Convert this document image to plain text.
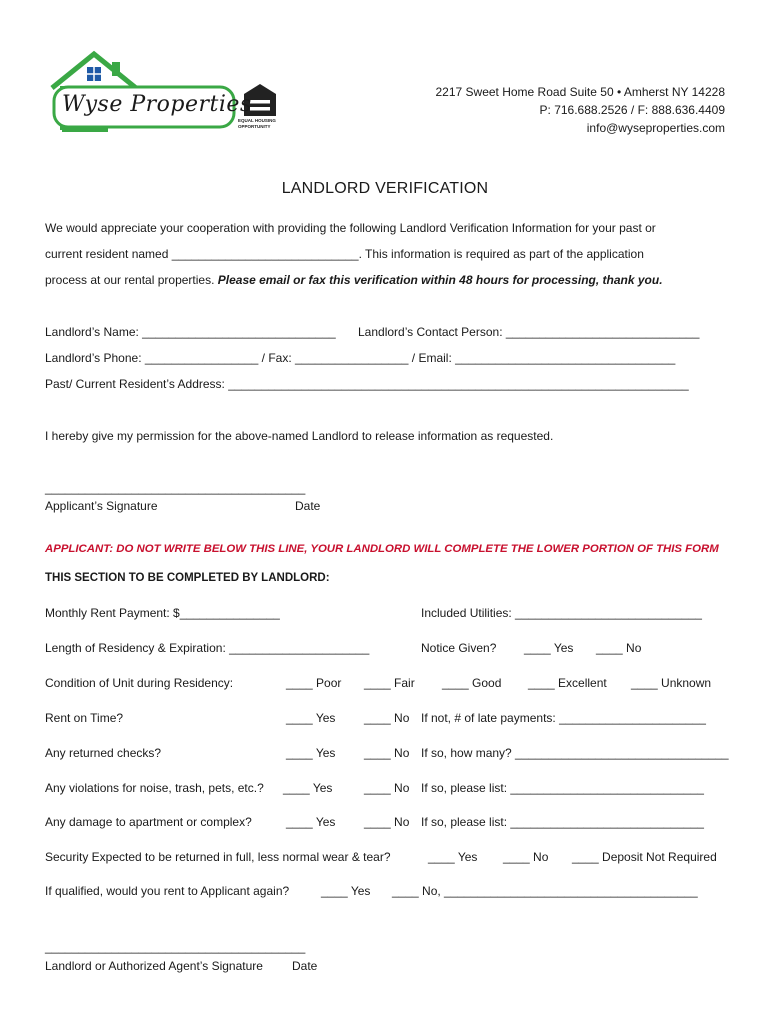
Wyse Properties
EQUAL HOUSING
OPPORTUNITY
2217 Sweet Home Road Suite 50 • Amherst NY 14228
P: 716.688.2526 / F: 888.636.4409
info@wyseproperties.com
LANDLORD VERIFICATION
We would appreciate your cooperation with providing the following Landlord Verification Information for your past or
current resident named ____________________________. This information is required as part of the application
process at our rental properties. Please email or fax this verification within 48 hours for processing, thank you.
Landlord’s Name: _____________________________ Landlord’s Contact Person: _____________________________
Landlord’s Phone: _________________ / Fax: _________________ / Email: _________________________________
Past/ Current Resident’s Address: _____________________________________________________________________
I hereby give my permission for the above-named Landlord to release information as requested.
_______________________________________
Applicant’s Signature	Date
APPLICANT: DO NOT WRITE BELOW THIS LINE, YOUR LANDLORD WILL COMPLETE THE LOWER PORTION OF THIS FORM
THIS SECTION TO BE COMPLETED BY LANDLORD:
Monthly Rent Payment: $_______________	Included Utilities: ____________________________
Length of Residency & Expiration: _____________________	Notice Given? ____ Yes ____ No
Condition of Unit during Residency:	____ Poor ____ Fair ____ Good ____ Excellent ____ Unknown
Rent on Time?	____ Yes ____ No If not, # of late payments: ______________________
Any returned checks?	____ Yes ____ No If so, how many? ________________________________
Any violations for noise, trash, pets, etc.? ____ Yes	____ No If so, please list: _____________________________
Any damage to apartment or complex?	____ Yes ____ No If so, please list: _____________________________
Security Expected to be returned in full, less normal wear & tear?	____ Yes ____ No ____ Deposit Not Required
If qualified, would you rent to Applicant again?	____ Yes ____ No, ______________________________________
_______________________________________
Landlord or Authorized Agent’s Signature Date
